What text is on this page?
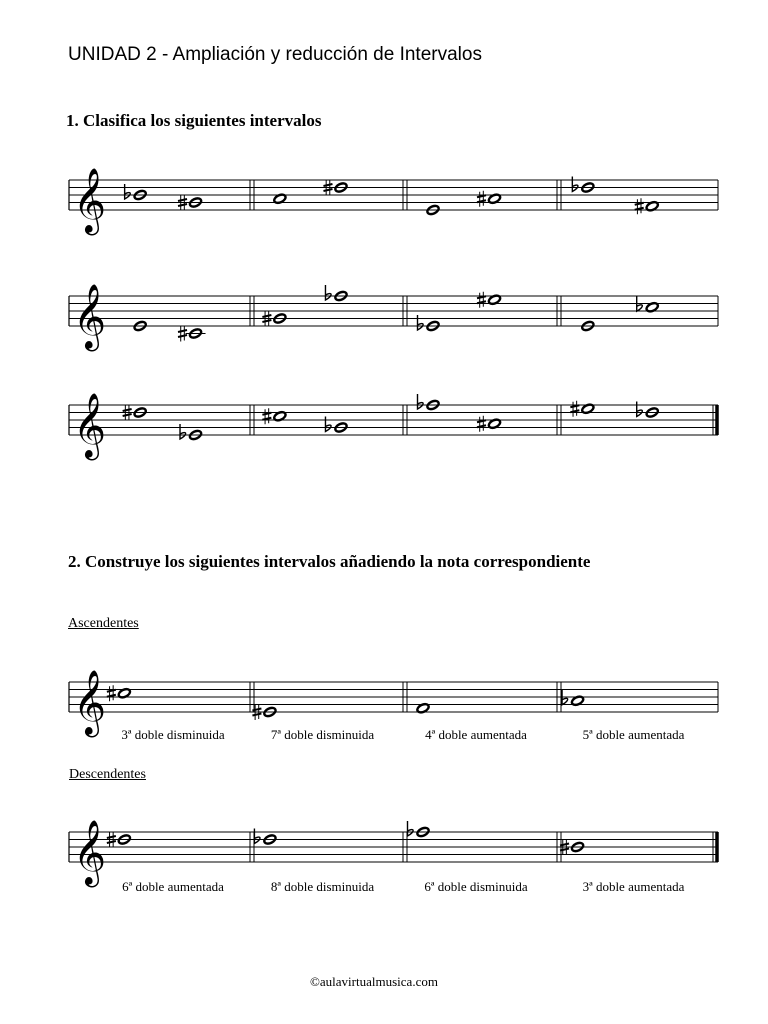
UNIDAD 2 - Ampliación y reducción de Intervalos
1. Clasifica los siguientes intervalos
2. Construye los siguientes intervalos añadiendo la nota correspondiente
Ascendentes
Descendentes
©aulavirtualmusica.com
𝄞
𝄞
𝄞
𝄞 3ª doble disminuida	7ª doble disminuida	4ª doble aumentada	5ª doble aumentada
𝄞
6ª doble aumentada	8ª doble disminuida	6ª doble disminuida	3ª doble aumentada
